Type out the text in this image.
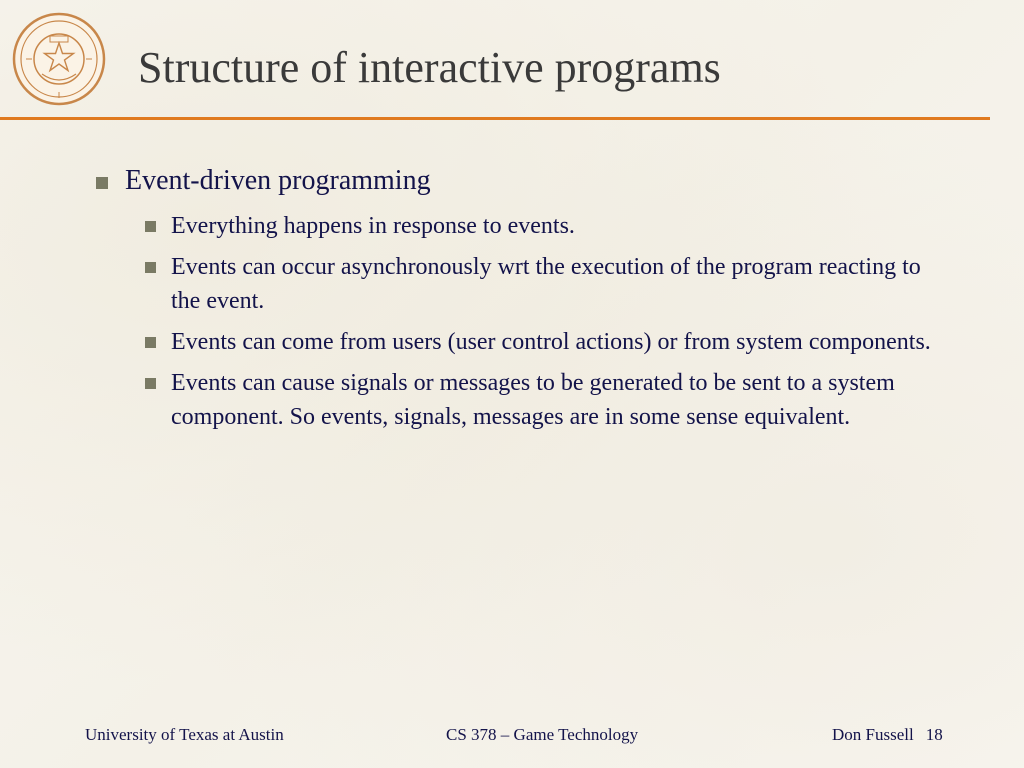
Structure of interactive programs
Event-driven programming
Everything happens in response to events.
Events can occur asynchronously wrt the execution of the program reacting to the event.
Events can come from users (user control actions) or from system components.
Events can cause signals or messages to be generated to be sent to a system component. So events, signals, messages are in some sense equivalent.
University of Texas at Austin	CS 378 – Game Technology	Don Fussell 18
